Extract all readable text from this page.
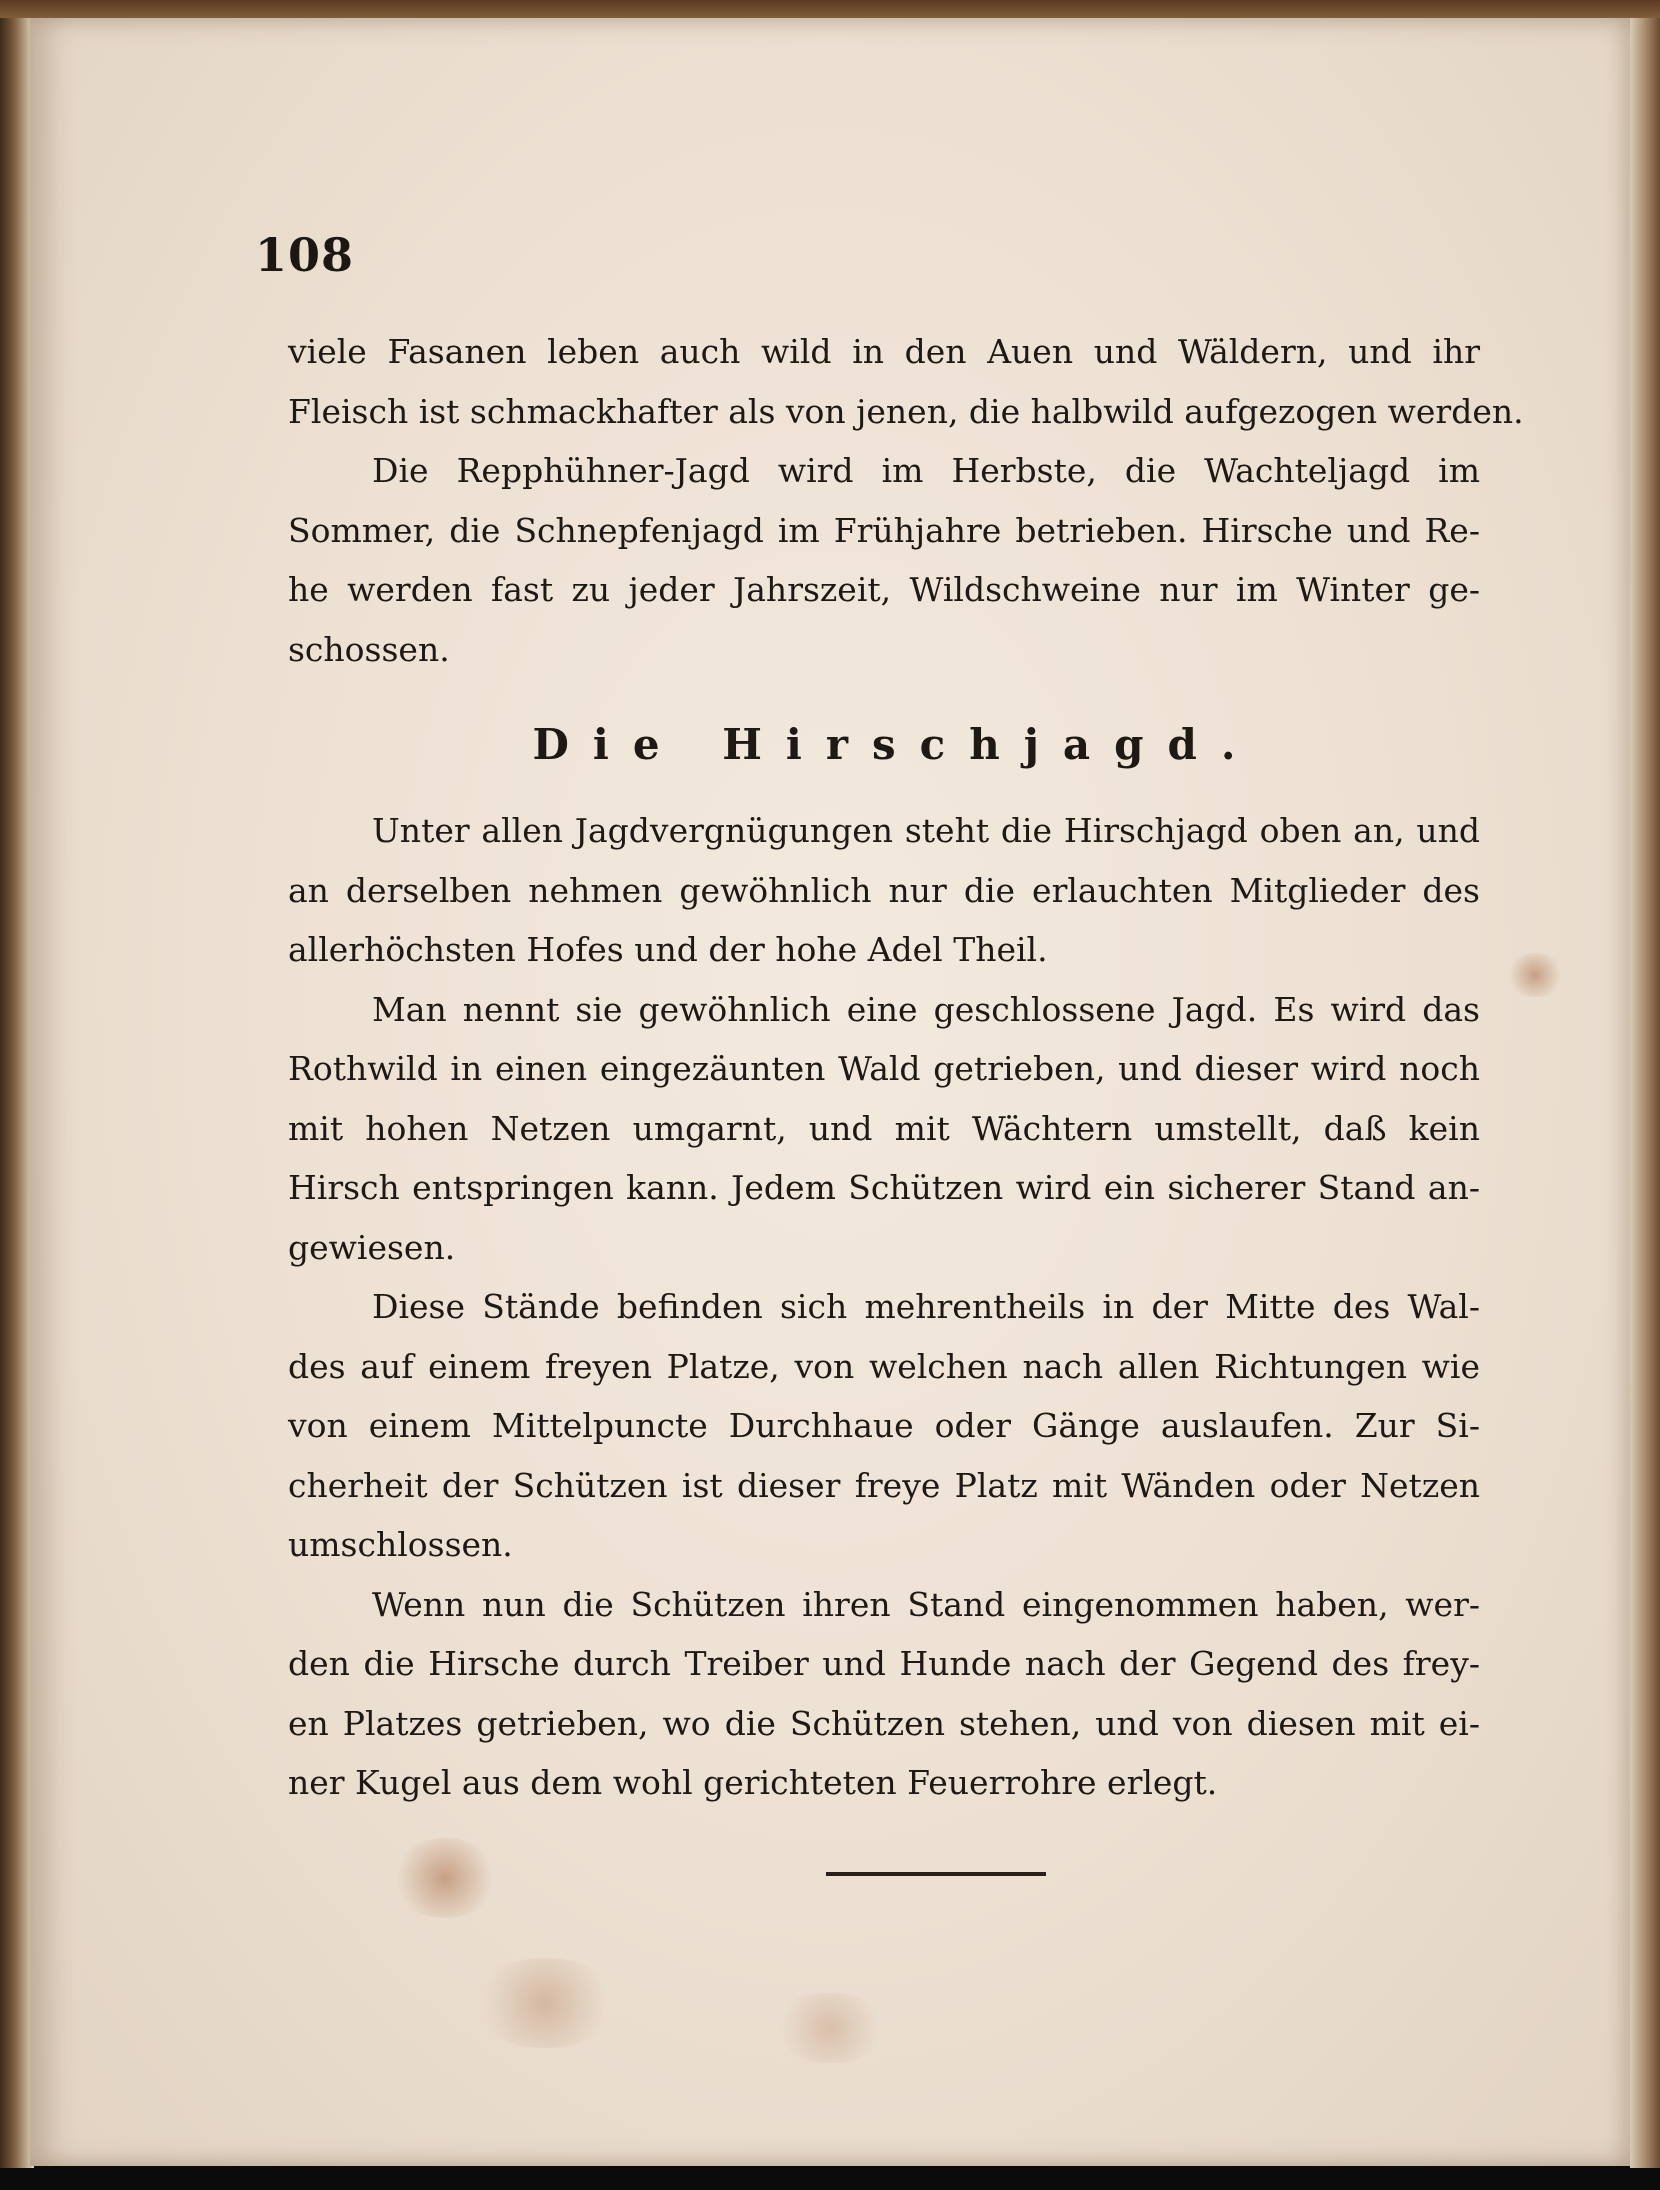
108
viele Fasanen leben auch wild in den Auen und Wäldern, und ihr
Fleisch ist schmackhafter als von jenen, die halbwild aufgezogen werden.
Die Repphühner-Jagd wird im Herbste, die Wachteljagd im
Sommer, die Schnepfenjagd im Frühjahre betrieben. Hirsche und Re-
he werden fast zu jeder Jahrszeit, Wildschweine nur im Winter ge-
schossen.
Die Hirschjagd.
Unter allen Jagdvergnügungen steht die Hirschjagd oben an, und
an derselben nehmen gewöhnlich nur die erlauchten Mitglieder des
allerhöchsten Hofes und der hohe Adel Theil.
Man nennt sie gewöhnlich eine geschlossene Jagd. Es wird das
Rothwild in einen eingezäunten Wald getrieben, und dieser wird noch
mit hohen Netzen umgarnt, und mit Wächtern umstellt, daß kein
Hirsch entspringen kann. Jedem Schützen wird ein sicherer Stand an-
gewiesen.
Diese Stände befinden sich mehrentheils in der Mitte des Wal-
des auf einem freyen Platze, von welchen nach allen Richtungen wie
von einem Mittelpuncte Durchhaue oder Gänge auslaufen. Zur Si-
cherheit der Schützen ist dieser freye Platz mit Wänden oder Netzen
umschlossen.
Wenn nun die Schützen ihren Stand eingenommen haben, wer-
den die Hirsche durch Treiber und Hunde nach der Gegend des frey-
en Platzes getrieben, wo die Schützen stehen, und von diesen mit ei-
ner Kugel aus dem wohl gerichteten Feuerrohre erlegt.
